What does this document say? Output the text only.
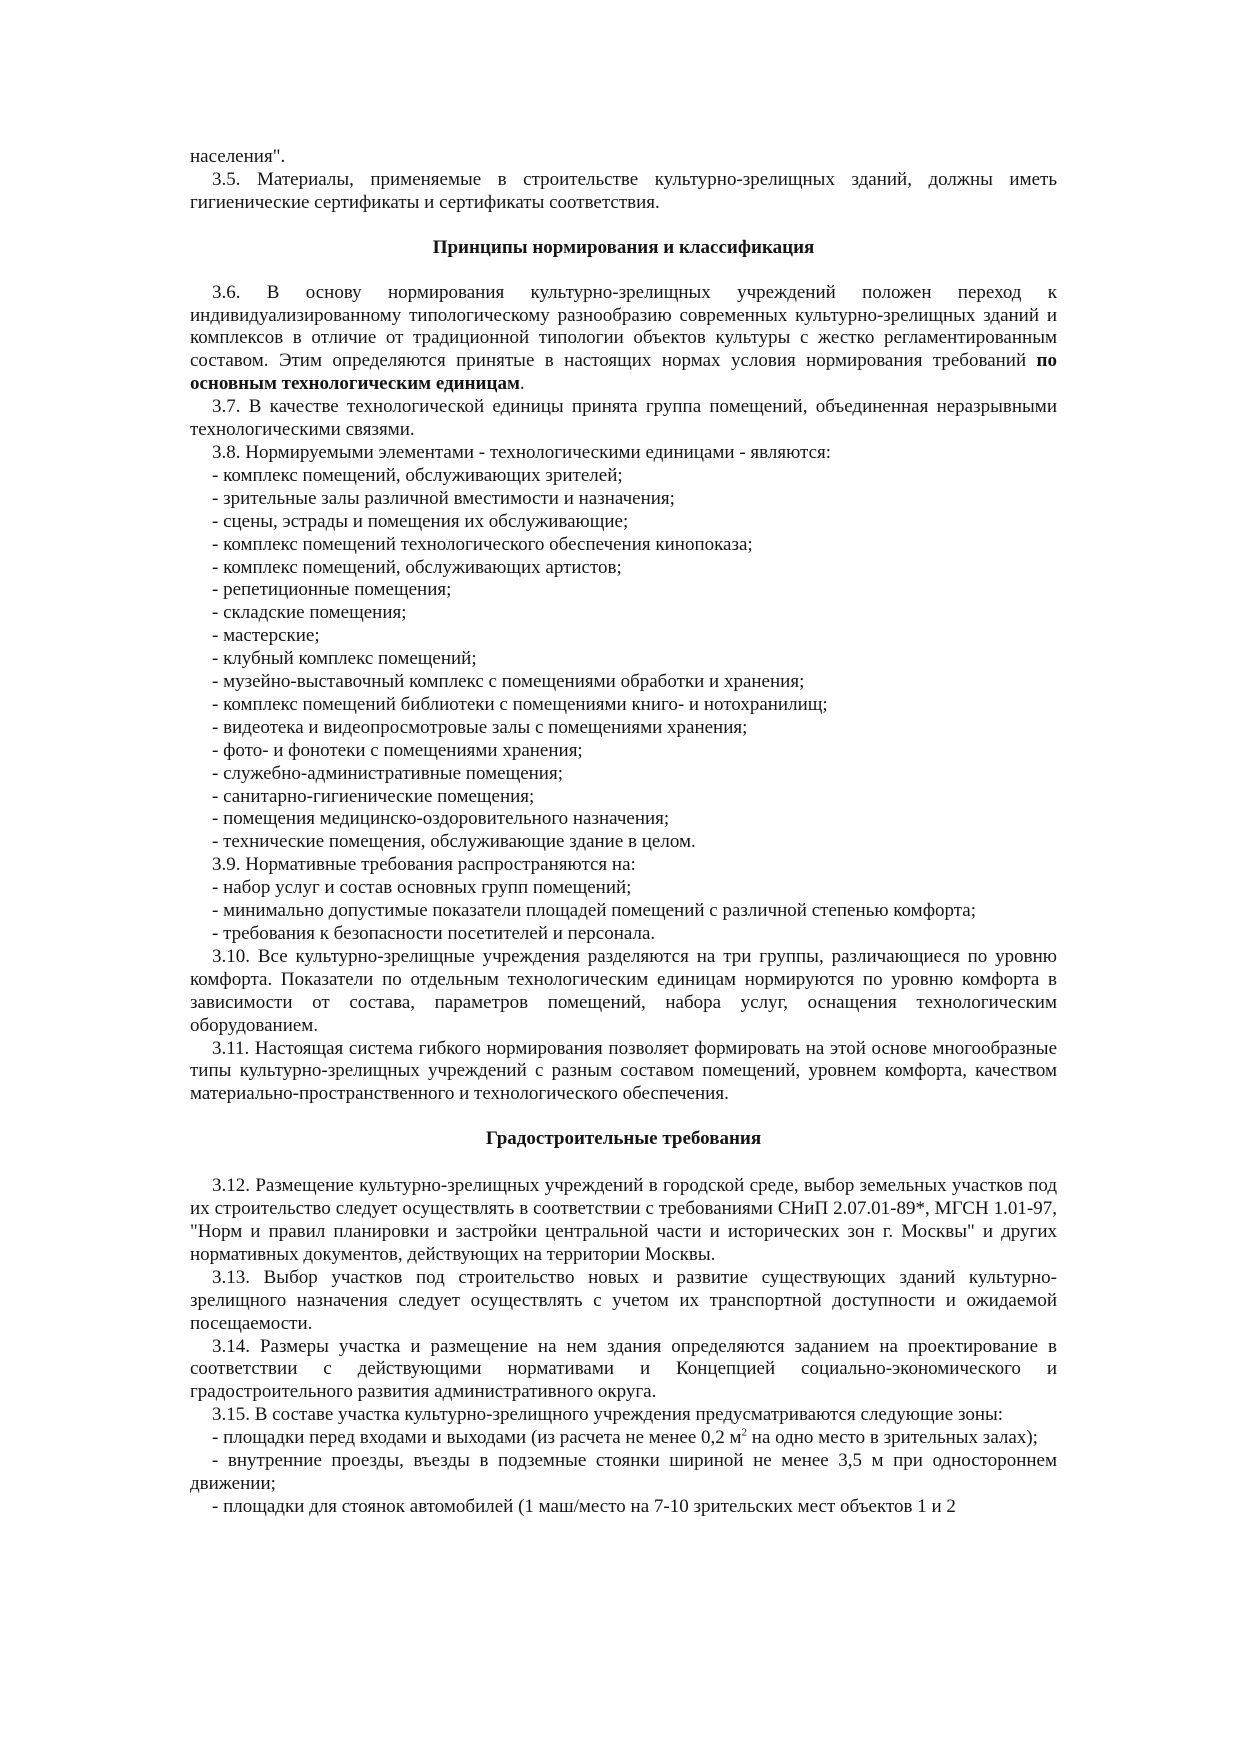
населения".

3.5. Материалы, применяемые в строительстве культурно-зрелищных зданий, должны иметь гигиенические сертификаты и сертификаты соответствия.

Принципы нормирования и классификация

3.6. В основу нормирования культурно-зрелищных учреждений положен переход к индивидуализированному типологическому разнообразию современных культурно-зрелищных зданий и комплексов в отличие от традиционной типологии объектов культуры с жестко регламентированным составом. Этим определяются принятые в настоящих нормах условия нормирования требований по основным технологическим единицам.

3.7. В качестве технологической единицы принята группа помещений, объединенная неразрывными технологическими связями.

3.8. Нормируемыми элементами - технологическими единицами - являются:

- комплекс помещений, обслуживающих зрителей;

- зрительные залы различной вместимости и назначения;

- сцены, эстрады и помещения их обслуживающие;

- комплекс помещений технологического обеспечения кинопоказа;

- комплекс помещений, обслуживающих артистов;

- репетиционные помещения;

- складские помещения;

- мастерские;

- клубный комплекс помещений;

- музейно-выставочный комплекс с помещениями обработки и хранения;

- комплекс помещений библиотеки с помещениями книго- и нотохранилищ;

- видеотека и видеопросмотровые залы с помещениями хранения;

- фото- и фонотеки с помещениями хранения;

- служебно-административные помещения;

- санитарно-гигиенические помещения;

- помещения медицинско-оздоровительного назначения;

- технические помещения, обслуживающие здание в целом.

3.9. Нормативные требования распространяются на:

- набор услуг и состав основных групп помещений;

- минимально допустимые показатели площадей помещений с различной степенью комфорта;

- требования к безопасности посетителей и персонала.

3.10. Все культурно-зрелищные учреждения разделяются на три группы, различающиеся по уровню комфорта. Показатели по отдельным технологическим единицам нормируются по уровню комфорта в зависимости от состава, параметров помещений, набора услуг, оснащения технологическим оборудованием.

3.11. Настоящая система гибкого нормирования позволяет формировать на этой основе многообразные типы культурно-зрелищных учреждений с разным составом помещений, уровнем комфорта, качеством материально-пространственного и технологического обеспечения.

Градостроительные требования

3.12. Размещение культурно-зрелищных учреждений в городской среде, выбор земельных участков под их строительство следует осуществлять в соответствии с требованиями СНиП 2.07.01-89*, МГСН 1.01-97, "Норм и правил планировки и застройки центральной части и исторических зон г. Москвы" и других нормативных документов, действующих на территории Москвы.

3.13. Выбор участков под строительство новых и развитие существующих зданий культурно-зрелищного назначения следует осуществлять с учетом их транспортной доступности и ожидаемой посещаемости.

3.14. Размеры участка и размещение на нем здания определяются заданием на проектирование в соответствии с действующими нормативами и Концепцией социально-экономического и градостроительного развития административного округа.

3.15. В составе участка культурно-зрелищного учреждения предусматриваются следующие зоны:

- площадки перед входами и выходами (из расчета не менее 0,2 $м^2$ на одно место в зрительных залах);

- внутренние проезды, въезды в подземные стоянки шириной не менее 3,5 м при одностороннем движении;

- площадки для стоянок автомобилей (1 маш/место на 7-10 зрительских мест объектов 1 и 2
